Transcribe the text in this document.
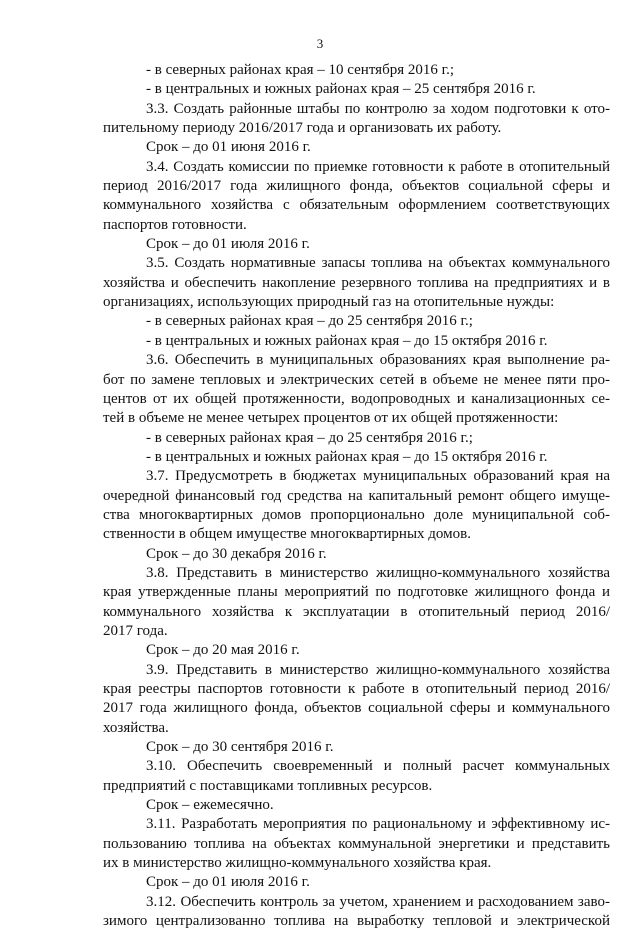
3
- в северных районах края – 10 сентября 2016 г.;
- в центральных и южных районах края – 25 сентября 2016 г.
3.3. Создать районные штабы по контролю за ходом подготовки к ото-
пительному периоду 2016/2017 года и организовать их работу.
Срок – до 01 июня 2016 г.
3.4. Создать комиссии по приемке готовности к работе в отопительный
период 2016/2017 года жилищного фонда, объектов социальной сферы и
коммунального хозяйства с обязательным оформлением соответствующих
паспортов готовности.
Срок – до 01 июля 2016 г.
3.5. Создать нормативные запасы топлива на объектах коммунального
хозяйства и обеспечить накопление резервного топлива на предприятиях и в
организациях, использующих природный газ на отопительные нужды:
- в северных районах края – до 25 сентября 2016 г.;
- в центральных и южных районах края – до 15 октября 2016 г.
3.6. Обеспечить в муниципальных образованиях края выполнение ра-
бот по замене тепловых и электрических сетей в объеме не менее пяти про-
центов от их общей протяженности, водопроводных и канализационных се-
тей в объеме не менее четырех процентов от их общей протяженности:
- в северных районах края – до 25 сентября 2016 г.;
- в центральных и южных районах края – до 15 октября 2016 г.
3.7. Предусмотреть в бюджетах муниципальных образований края на
очередной финансовый год средства на капитальный ремонт общего имуще-
ства многоквартирных домов пропорционально доле муниципальной соб-
ственности в общем имуществе многоквартирных домов.
Срок – до 30 декабря 2016 г.
3.8. Представить в министерство жилищно-коммунального хозяйства
края утвержденные планы мероприятий по подготовке жилищного фонда и
коммунального хозяйства к эксплуатации в отопительный период 2016/
2017 года.
Срок – до 20 мая 2016 г.
3.9. Представить в министерство жилищно-коммунального хозяйства
края реестры паспортов готовности к работе в отопительный период 2016/
2017 года жилищного фонда, объектов социальной сферы и коммунального
хозяйства.
Срок – до 30 сентября 2016 г.
3.10. Обеспечить своевременный и полный расчет коммунальных
предприятий с поставщиками топливных ресурсов.
Срок – ежемесячно.
3.11. Разработать мероприятия по рациональному и эффективному ис-
пользованию топлива на объектах коммунальной энергетики и представить
их в министерство жилищно-коммунального хозяйства края.
Срок – до 01 июля 2016 г.
3.12. Обеспечить контроль за учетом, хранением и расходованием заво-
зимого централизованно топлива на выработку тепловой и электрической
